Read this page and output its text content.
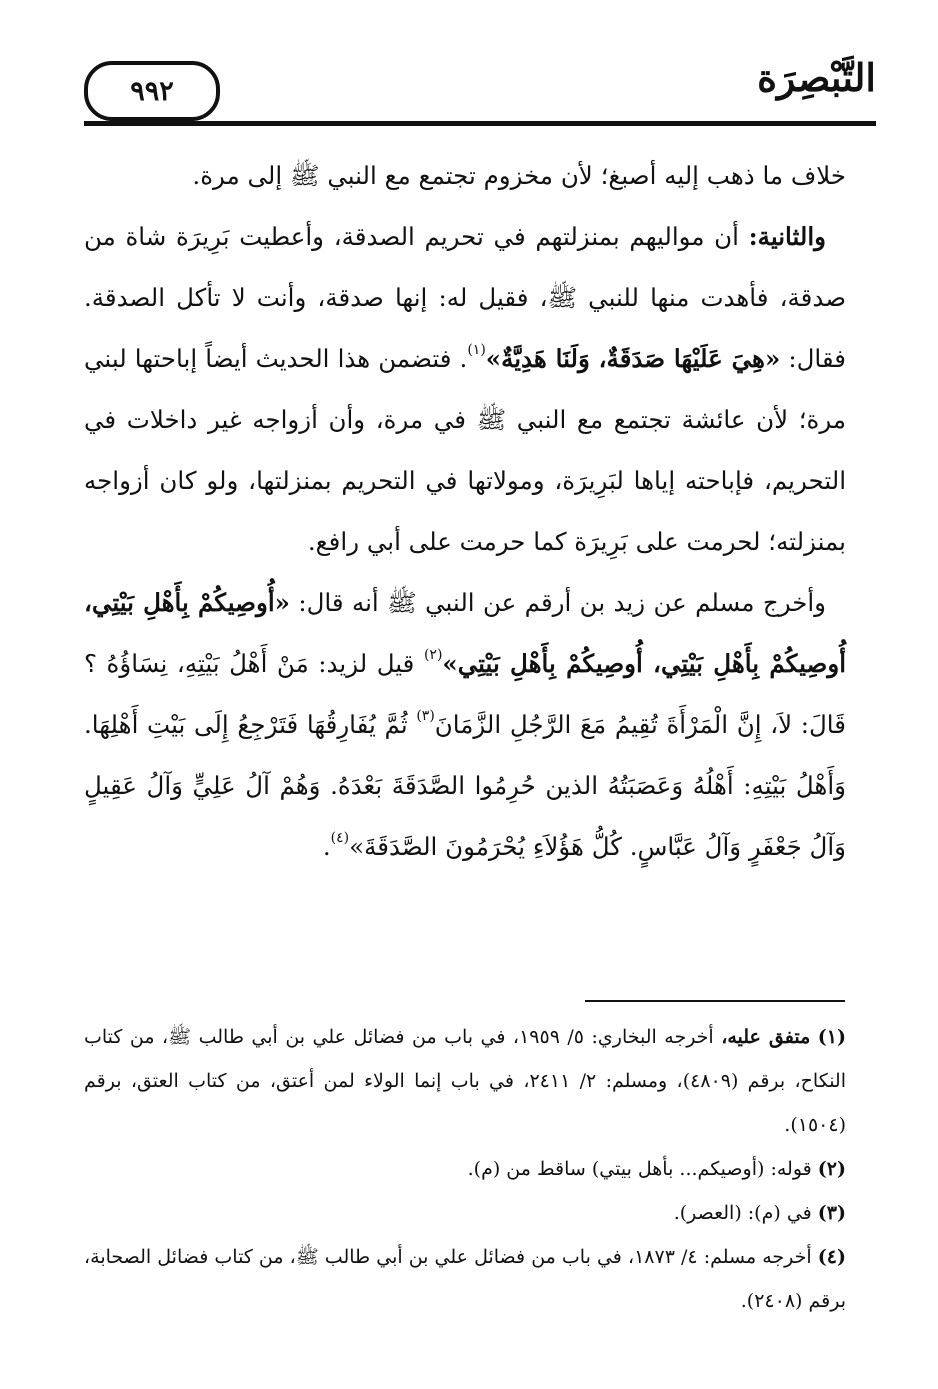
التَّبْصِرَة
٩٩٢

خلاف ما ذهب إليه أصبغ؛ لأن مخزوم تجتمع مع النبي ﷺ إلى مرة.

والثانية: أن مواليهم بمنزلتهم في تحريم الصدقة، وأعطيت بَرِيرَة شاة من صدقة، فأهدت منها للنبي ﷺ، فقيل له: إنها صدقة، وأنت لا تأكل الصدقة. فقال: «هِيَ عَلَيْهَا صَدَقَةٌ، وَلَنَا هَدِيَّةٌ»$^{(١)}$. فتضمن هذا الحديث أيضاً إباحتها لبني مرة؛ لأن عائشة تجتمع مع النبي ﷺ في مرة، وأن أزواجه غير داخلات في التحريم، فإباحته إياها لبَرِيرَة، ومولاتها في التحريم بمنزلتها، ولو كان أزواجه بمنزلته؛ لحرمت على بَرِيرَة كما حرمت على أبي رافع.

وأخرج مسلم عن زيد بن أرقم عن النبي ﷺ أنه قال: «أُوصِيكُمْ بِأَهْلِ بَيْتِي، أُوصِيكُمْ بِأَهْلِ بَيْتِي، أُوصِيكُمْ بِأَهْلِ بَيْتِي»$^{(٢)}$ قيل لزيد: مَنْ أَهْلُ بَيْتِهِ، نِسَاؤُهُ ؟ قَالَ: لاَ، إِنَّ الْمَرْأَةَ تُقِيمُ مَعَ الرَّجُلِ الزَّمَانَ$^{(٣)}$ ثُمَّ يُفَارِقُهَا فَتَرْجِعُ إِلَى بَيْتِ أَهْلِهَا. وَأَهْلُ بَيْتِهِ: أَهْلُهُ وَعَصَبَتُهُ الذين حُرِمُوا الصَّدَقَةَ بَعْدَهُ. وَهُمْ آلُ عَلِيٍّ وَآلُ عَقِيلٍ وَآلُ جَعْفَرٍ وَآلُ عَبَّاسٍ. كُلُّ هَؤُلاَءِ يُحْرَمُونَ الصَّدَقَةَ»$^{(٤)}$.

(١) متفق عليه، أخرجه البخاري: ٥/ ١٩٥٩، في باب من فضائل علي بن أبي طالب ﷺ، من كتاب النكاح، برقم (٤٨٠٩)، ومسلم: ٢/ ٢٤١١، في باب إنما الولاء لمن أعتق، من كتاب العتق، برقم (١٥٠٤).

(٢) قوله: (أوصيكم... بأهل بيتي) ساقط من (م).

(٣) في (م): (العصر).

(٤) أخرجه مسلم: ٤/ ١٨٧٣، في باب من فضائل علي بن أبي طالب ﷺ، من كتاب فضائل الصحابة، برقم (٢٤٠٨).
